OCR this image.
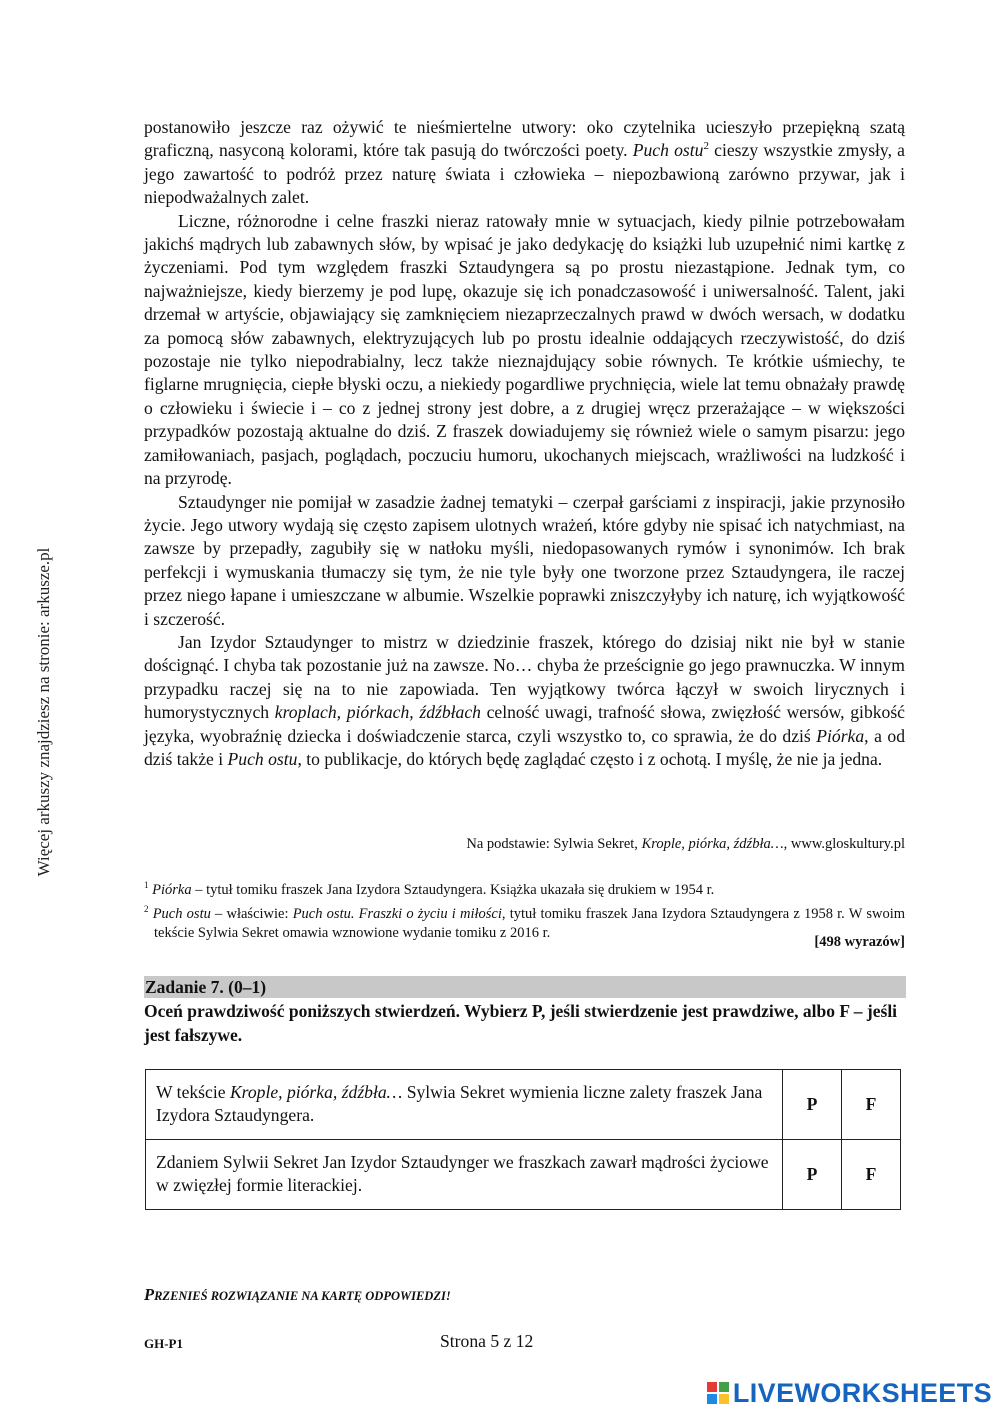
Więcej arkuszy znajdziesz na stronie: arkusze.pl

postanowiło jeszcze raz ożywić te nieśmiertelne utwory: oko czytelnika ucieszyło przepiękną szatą graficzną, nasyconą kolorami, które tak pasują do twórczości poety. Puch ostu$^2$ cieszy wszystkie zmysły, a jego zawartość to podróż przez naturę świata i człowieka – niepozbawioną zarówno przywar, jak i niepodważalnych zalet.

Liczne, różnorodne i celne fraszki nieraz ratowały mnie w sytuacjach, kiedy pilnie potrzebowałam jakichś mądrych lub zabawnych słów, by wpisać je jako dedykację do książki lub uzupełnić nimi kartkę z życzeniami. Pod tym względem fraszki Sztaudyngera są po prostu niezastąpione. Jednak tym, co najważniejsze, kiedy bierzemy je pod lupę, okazuje się ich ponadczasowość i uniwersalność. Talent, jaki drzemał w artyście, objawiający się zamknięciem niezaprzeczalnych prawd w dwóch wersach, w dodatku za pomocą słów zabawnych, elektryzujących lub po prostu idealnie oddających rzeczywistość, do dziś pozostaje nie tylko niepodrabialny, lecz także nieznajdujący sobie równych. Te krótkie uśmiechy, te figlarne mrugnięcia, ciepłe błyski oczu, a niekiedy pogardliwe prychnięcia, wiele lat temu obnażały prawdę o człowieku i świecie i – co z jednej strony jest dobre, a z drugiej wręcz przerażające – w większości przypadków pozostają aktualne do dziś. Z fraszek dowiadujemy się również wiele o samym pisarzu: jego zamiłowaniach, pasjach, poglądach, poczuciu humoru, ukochanych miejscach, wrażliwości na ludzkość i na przyrodę.

Sztaudynger nie pomijał w zasadzie żadnej tematyki – czerpał garściami z inspiracji, jakie przynosiło życie. Jego utwory wydają się często zapisem ulotnych wrażeń, które gdyby nie spisać ich natychmiast, na zawsze by przepadły, zagubiły się w natłoku myśli, niedopasowanych rymów i synonimów. Ich brak perfekcji i wymuskania tłumaczy się tym, że nie tyle były one tworzone przez Sztaudyngera, ile raczej przez niego łapane i umieszczane w albumie. Wszelkie poprawki zniszczyłyby ich naturę, ich wyjątkowość i szczerość.

Jan Izydor Sztaudynger to mistrz w dziedzinie fraszek, którego do dzisiaj nikt nie był w stanie doścignąć. I chyba tak pozostanie już na zawsze. No… chyba że prześcignie go jego prawnuczka. W innym przypadku raczej się na to nie zapowiada. Ten wyjątkowy twórca łączył w swoich lirycznych i humorystycznych kroplach, piórkach, źdźbłach celność uwagi, trafność słowa, zwięzłość wersów, gibkość języka, wyobraźnię dziecka i doświadczenie starca, czyli wszystko to, co sprawia, że do dziś Piórka, a od dziś także i Puch ostu, to publikacje, do których będę zaglądać często i z ochotą. I myślę, że nie ja jedna.

Na podstawie: Sylwia Sekret, Krople, piórka, źdźbła…, www.gloskultury.pl
$^1$ Piórka – tytuł tomiku fraszek Jana Izydora Sztaudyngera. Książka ukazała się drukiem w 1954 r.
$^2$ Puch ostu – właściwie: Puch ostu. Fraszki o życiu i miłości, tytuł tomiku fraszek Jana Izydora Sztaudyngera z 1958 r. W swoim tekście Sylwia Sekret omawia wznowione wydanie tomiku z 2016 r.
[498 wyrazów]
Zadanie 7. (0–1)
Oceń prawdziwość poniższych stwierdzeń. Wybierz P, jeśli stwierdzenie jest prawdziwe, albo F – jeśli jest fałszywe.
W tekście Krople, piórka, źdźbła… Sylwia Sekret wymienia liczne zalety fraszek Jana Izydora Sztaudyngera.	P	F
Zdaniem Sylwii Sekret Jan Izydor Sztaudynger we fraszkach zawarł mądrości życiowe w zwięzłej formie literackiej.	P	F
PRZENIEŚ ROZWIĄZANIE NA KARTĘ ODPOWIEDZI!
GH-P1	Strona 5 z 12
LIVEWORKSHEETS
